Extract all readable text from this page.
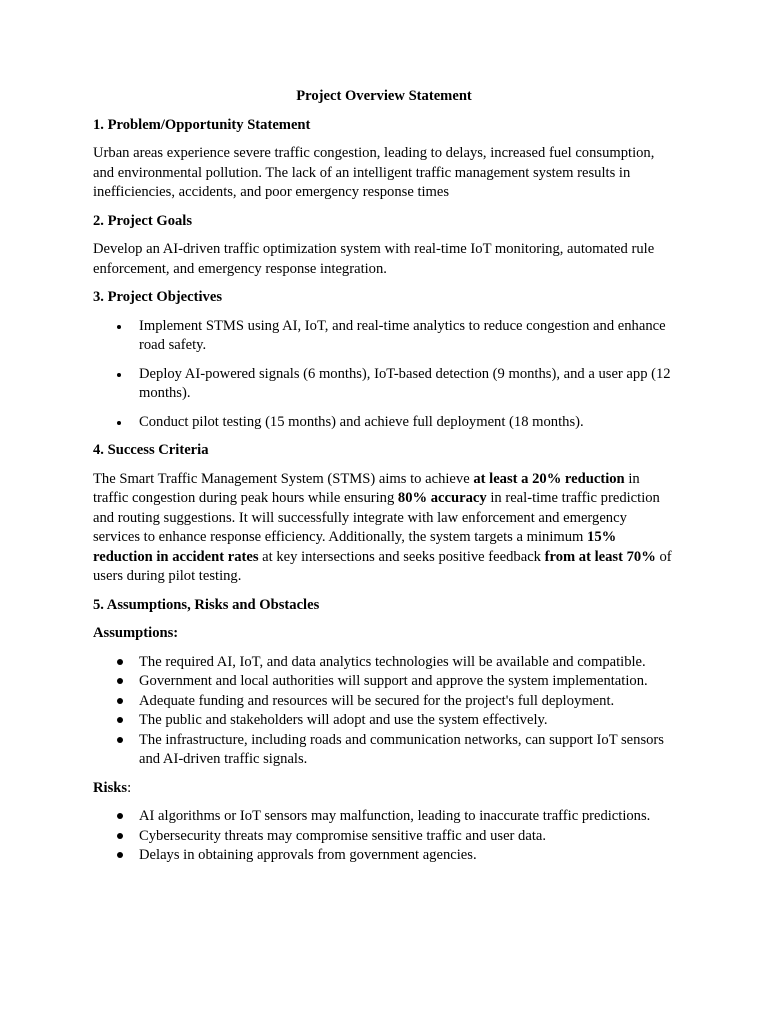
Project Overview Statement
1. Problem/Opportunity Statement
Urban areas experience severe traffic congestion, leading to delays, increased fuel consumption, and environmental pollution. The lack of an intelligent traffic management system results in inefficiencies, accidents, and poor emergency response times
2. Project Goals
Develop an AI-driven traffic optimization system with real-time IoT monitoring, automated rule enforcement, and emergency response integration.
3. Project Objectives
Implement STMS using AI, IoT, and real-time analytics to reduce congestion and enhance road safety.
Deploy AI-powered signals (6 months), IoT-based detection (9 months), and a user app (12 months).
Conduct pilot testing (15 months) and achieve full deployment (18 months).
4. Success Criteria
The Smart Traffic Management System (STMS) aims to achieve at least a 20% reduction in traffic congestion during peak hours while ensuring 80% accuracy in real-time traffic prediction and routing suggestions. It will successfully integrate with law enforcement and emergency services to enhance response efficiency. Additionally, the system targets a minimum 15% reduction in accident rates at key intersections and seeks positive feedback from at least 70% of users during pilot testing.
5. Assumptions, Risks and Obstacles
Assumptions:
The required AI, IoT, and data analytics technologies will be available and compatible.
Government and local authorities will support and approve the system implementation.
Adequate funding and resources will be secured for the project's full deployment.
The public and stakeholders will adopt and use the system effectively.
The infrastructure, including roads and communication networks, can support IoT sensors and AI-driven traffic signals.
Risks:
AI algorithms or IoT sensors may malfunction, leading to inaccurate traffic predictions.
Cybersecurity threats may compromise sensitive traffic and user data.
Delays in obtaining approvals from government agencies.
